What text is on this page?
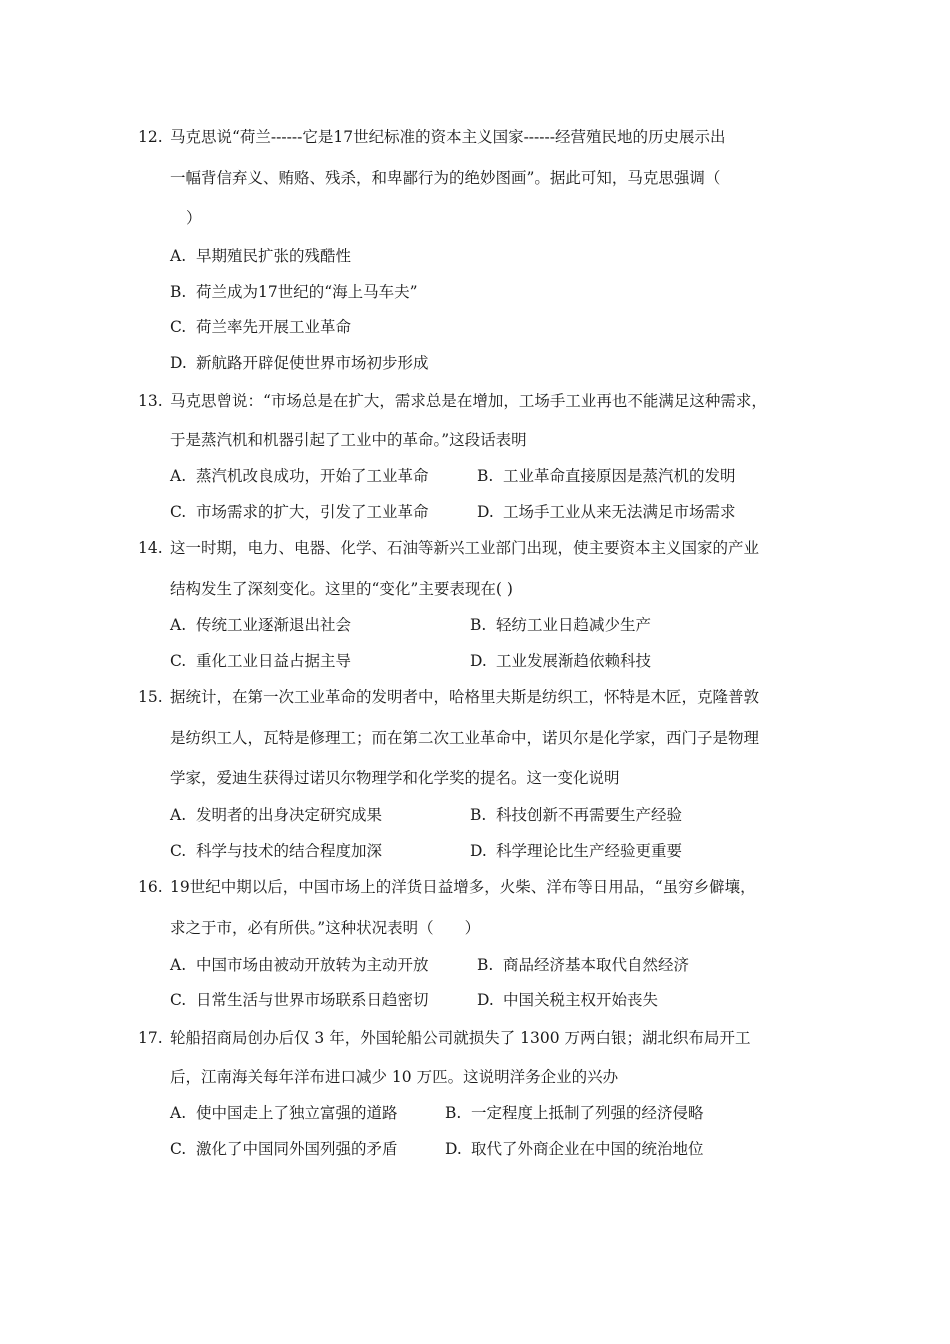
12. 马克思说“荷兰------它是17世纪标准的资本主义国家------经营殖民地的历史展示出
一幅背信弃义、贿赂、残杀，和卑鄙行为的绝妙图画”。据此可知，马克思强调（
）
A. 早期殖民扩张的残酷性
B. 荷兰成为17世纪的“海上马车夫”
C. 荷兰率先开展工业革命
D. 新航路开辟促使世界市场初步形成
13. 马克思曾说：“市场总是在扩大，需求总是在增加，工场手工业再也不能满足这种需求，
于是蒸汽机和机器引起了工业中的革命。”这段话表明
A. 蒸汽机改良成功，开始了工业革命	B. 工业革命直接原因是蒸汽机的发明
C. 市场需求的扩大，引发了工业革命	D. 工场手工业从来无法满足市场需求
14. 这一时期，电力、电器、化学、石油等新兴工业部门出现，使主要资本主义国家的产业
结构发生了深刻变化。这里的“变化”主要表现在( )
A. 传统工业逐渐退出社会	B. 轻纺工业日趋减少生产
C. 重化工业日益占据主导	D. 工业发展渐趋依赖科技
15. 据统计，在第一次工业革命的发明者中，哈格里夫斯是纺织工，怀特是木匠，克隆普敦
是纺织工人，瓦特是修理工；而在第二次工业革命中，诺贝尔是化学家，西门子是物理
学家，爱迪生获得过诺贝尔物理学和化学奖的提名。这一变化说明
A. 发明者的出身决定研究成果	B. 科技创新不再需要生产经验
C. 科学与技术的结合程度加深	D. 科学理论比生产经验更重要
16. 19世纪中期以后，中国市场上的洋货日益增多，火柴、洋布等日用品，“虽穷乡僻壤，
求之于市，必有所供。”这种状况表明（　　）
A. 中国市场由被动开放转为主动开放	B. 商品经济基本取代自然经济
C. 日常生活与世界市场联系日趋密切	D. 中国关税主权开始丧失
17. 轮船招商局创办后仅 3 年，外国轮船公司就损失了 1300 万两白银；湖北织布局开工
后，江南海关每年洋布进口减少 10 万匹。这说明洋务企业的兴办
A. 使中国走上了独立富强的道路	B. 一定程度上抵制了列强的经济侵略
C. 激化了中国同外国列强的矛盾	D. 取代了外商企业在中国的统治地位
